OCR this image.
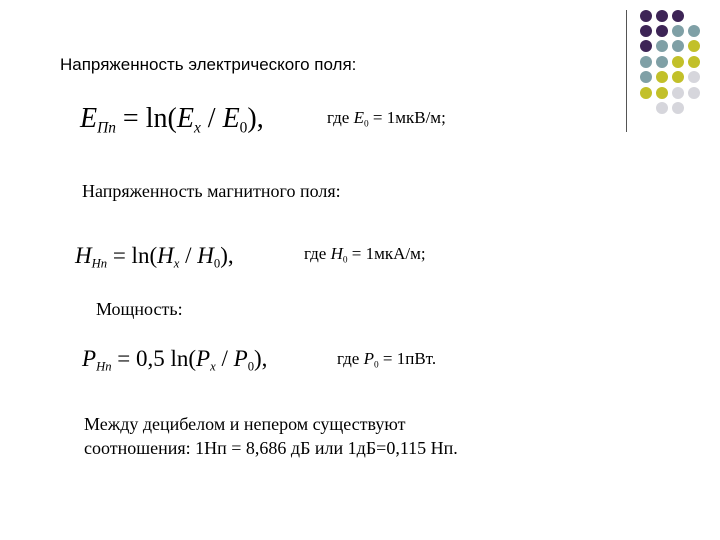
Напряженность электрического поля:
$E_{Пn} = \ln(E_x / E_0)$,	где $E_0 = 1мкВ/м$;
Напряженность магнитного поля:
$H_{Нп} = \ln(H_x / H_0)$,	где $H_0 = 1мкА/м$;
Мощность:
$P_{Нп} = 0,5$ $\ln(P_x / P_0)$,	где $P_0 = 1пВт$.
Между децибелом и непером существуют
соотношения: 1Нп = 8,686 дБ или 1дБ=0,115 Нп.
